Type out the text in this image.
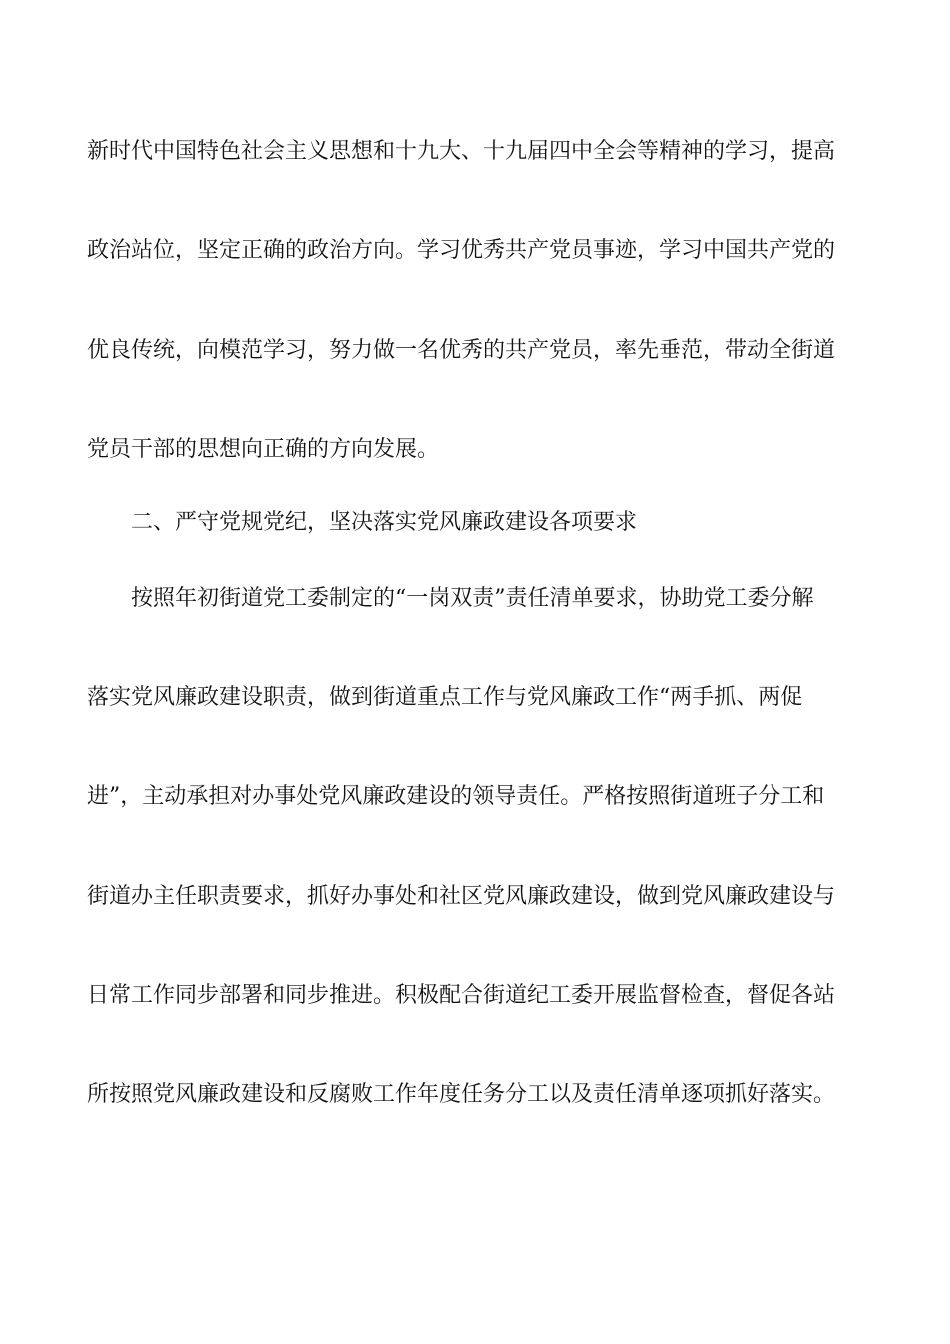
新时代中国特色社会主义思想和十九大、十九届四中全会等精神的学习，提高
政治站位，坚定正确的政治方向。学习优秀共产党员事迹，学习中国共产党的
优良传统，向模范学习，努力做一名优秀的共产党员，率先垂范，带动全街道
党员干部的思想向正确的方向发展。
二、严守党规党纪，坚决落实党风廉政建设各项要求
按照年初街道党工委制定的“一岗双责”责任清单要求，协助党工委分解
落实党风廉政建设职责，做到街道重点工作与党风廉政工作“两手抓、两促
进”，主动承担对办事处党风廉政建设的领导责任。严格按照街道班子分工和
街道办主任职责要求，抓好办事处和社区党风廉政建设，做到党风廉政建设与
日常工作同步部署和同步推进。积极配合街道纪工委开展监督检查，督促各站
所按照党风廉政建设和反腐败工作年度任务分工以及责任清单逐项抓好落实。
